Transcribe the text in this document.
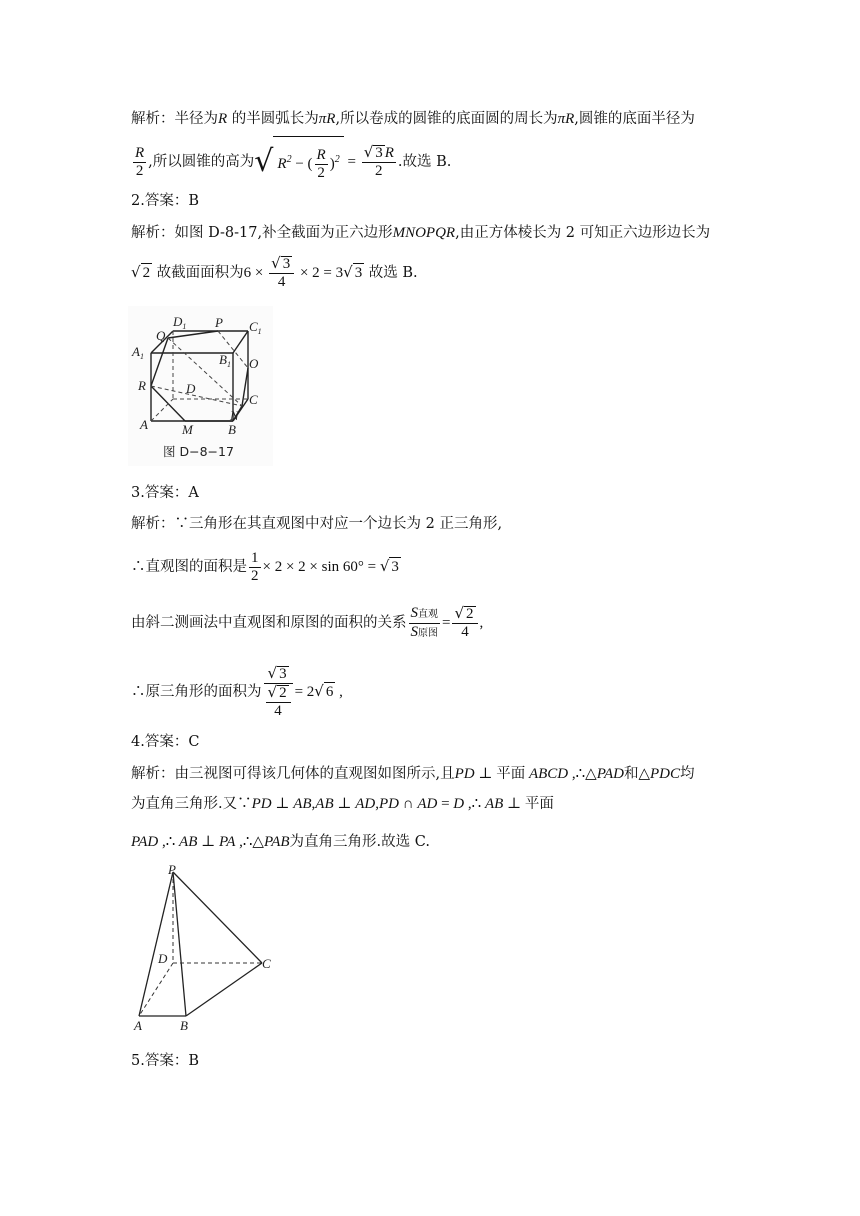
解析：半径为R 的半圆弧长为πR,所以卷成的圆锥的底面圆的周长为πR,圆锥的底面半径为
$\frac{R}{2}$ ,所以圆锥的高为√ $R^2$ − ( $\frac{R}{2} )^2 = \frac{√ 3 R}{2}$ .故选 B.
2.答案：B
解析：如图 D-8-17,补全截面为正六边形MNOPQR,由正方体棱长为 2 可知正六边形边长为
√ 2 故截面面积为$6 \times \frac{√ 3}{4} \times 2 = 3√$ 3 故选 B.
Q
$D_1$ P $C_1$
$A_1$	$B_1$ O
R	D
C
N
A	M	B
图 D−8−17
3.答案：A
解析：∵三角形在其直观图中对应一个边长为 2 正三角形,
∴直观图的面积是 $\frac{1}{2} \times 2 \times 2 \times \sin 60^\circ$ = √ 3
由斜二测画法中直观图和原图的面积的关系 $\frac{\text{S直观}}{\text{S原图}} = \frac{√ 2}{4}$ ,
∴原三角形的面积为 $\frac{√ 3}{\frac{√ 2}{4}} = 2√$ 6 ,
4.答案：C
解析：由三视图可得该几何体的直观图如图所示,且PD ⊥ 平面 ABCD ,∴△PAD和△PDC均
为直角三角形.又∵PD ⊥ AB,AB ⊥ AD,PD ∩ AD = D ,∴ AB ⊥ 平面
PAD ,∴ AB ⊥ PA ,∴△PAB为直角三角形.故选 C.
P
D	C
A	B
5.答案：B
